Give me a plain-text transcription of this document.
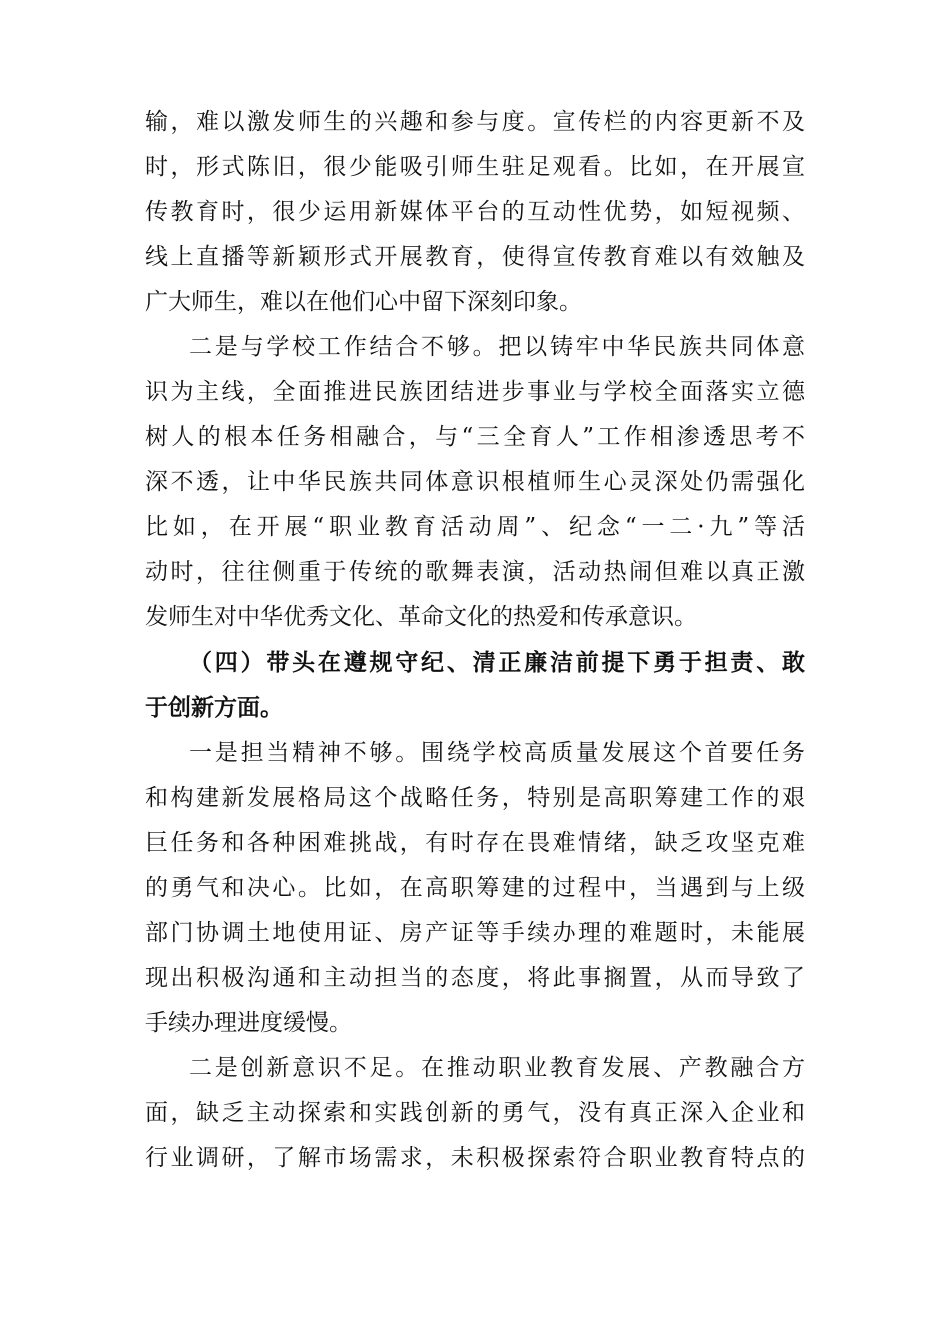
输，难以激发师生的兴趣和参与度。宣传栏的内容更新不及
时，形式陈旧，很少能吸引师生驻足观看。比如，在开展宣
传教育时，很少运用新媒体平台的互动性优势，如短视频、
线上直播等新颖形式开展教育，使得宣传教育难以有效触及
广大师生，难以在他们心中留下深刻印象。
二是与学校工作结合不够。把以铸牢中华民族共同体意
识为主线，全面推进民族团结进步事业与学校全面落实立德
树人的根本任务相融合，与“三全育人”工作相渗透思考不
深不透，让中华民族共同体意识根植师生心灵深处仍需强化
比如，在开展“职业教育活动周”、纪念“一二·九”等活
动时，往往侧重于传统的歌舞表演，活动热闹但难以真正激
发师生对中华优秀文化、革命文化的热爱和传承意识。
（四）带头在遵规守纪、清正廉洁前提下勇于担责、敢
于创新方面。
一是担当精神不够。围绕学校高质量发展这个首要任务
和构建新发展格局这个战略任务，特别是高职筹建工作的艰
巨任务和各种困难挑战，有时存在畏难情绪，缺乏攻坚克难
的勇气和决心。比如，在高职筹建的过程中，当遇到与上级
部门协调土地使用证、房产证等手续办理的难题时，未能展
现出积极沟通和主动担当的态度，将此事搁置，从而导致了
手续办理进度缓慢。
二是创新意识不足。在推动职业教育发展、产教融合方
面，缺乏主动探索和实践创新的勇气，没有真正深入企业和
行业调研，了解市场需求，未积极探索符合职业教育特点的
